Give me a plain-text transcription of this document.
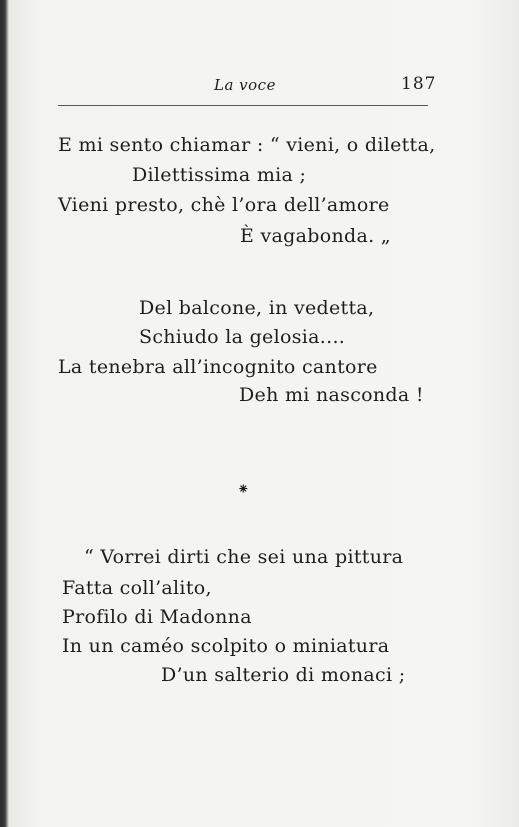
La voce	187
E mi sento chiamar : “ vieni, o diletta,
Dilettissima mia ;
Vieni presto, chè l’ora dell’amore
È vagabonda. „
Del balcone, in vedetta,
Schiudo la gelosia....
La tenebra all’incognito cantore
Deh mi nasconda !
⁕
“ Vorrei dirti che sei una pittura
Fatta coll’alito,
Profilo di Madonna
In un caméo scolpito o miniatura
D’un salterio di monaci ;
